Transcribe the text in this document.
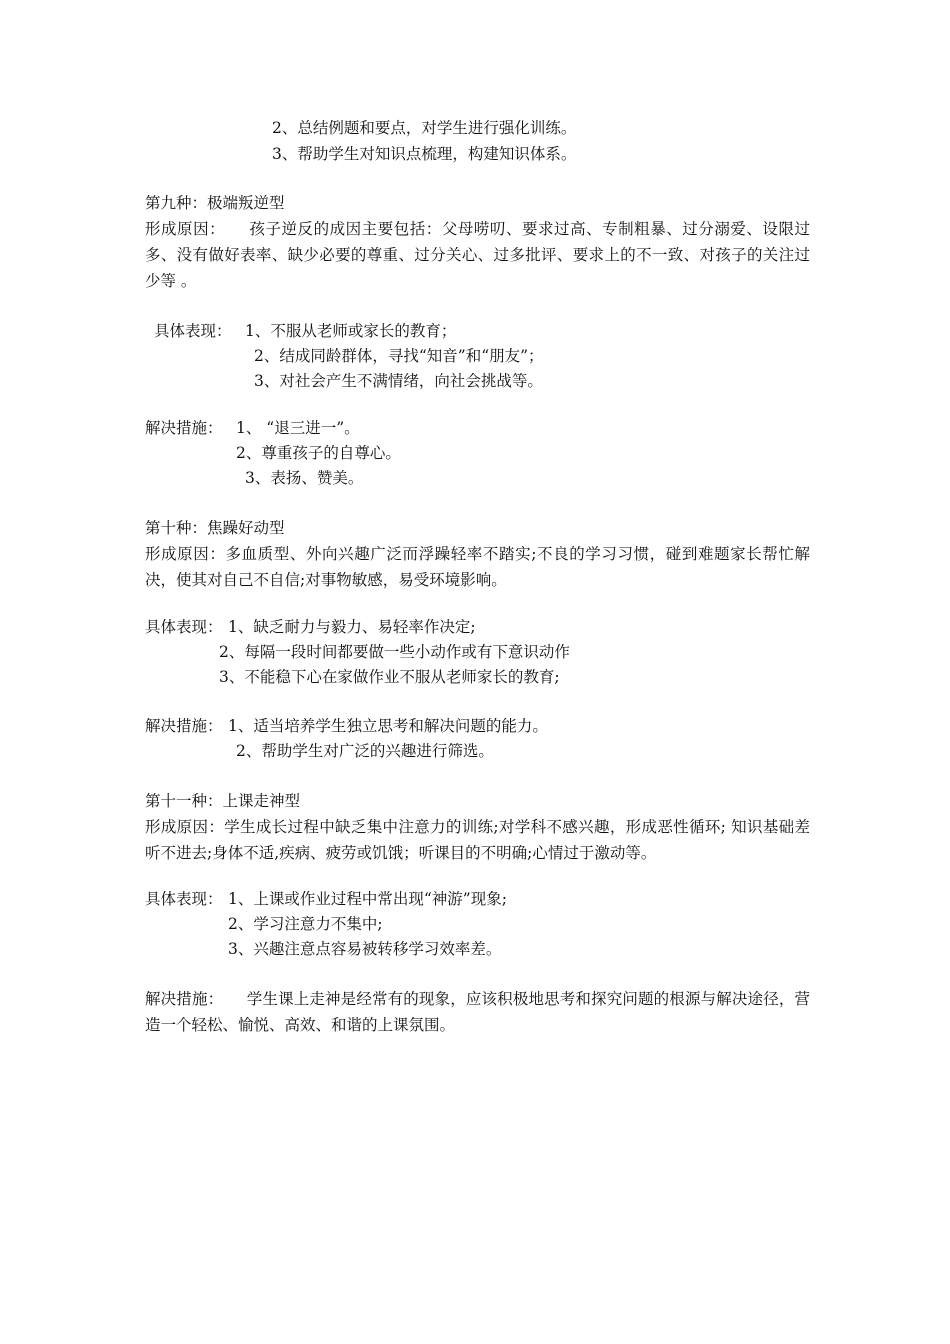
2、总结例题和要点，对学生进行强化训练。

3、帮助学生对知识点梳理，构建知识体系。

第九种：极端叛逆型

形成原因：　　孩子逆反的成因主要包括：父母唠叨、要求过高、专制粗暴、过分溺爱、设限过多、没有做好表率、缺少必要的尊重、过分关心、过多批评、要求上的不一致、对孩子的关注过少等 。

具体表现： 1、不服从老师或家长的教育；

2、结成同龄群体，寻找“知音”和“朋友”；

3、对社会产生不满情绪，向社会挑战等。

解决措施： 1、 “退三进一”。

2、尊重孩子的自尊心。

3、表扬、赞美。

第十种：焦躁好动型

形成原因：多血质型、外向兴趣广泛而浮躁轻率不踏实;不良的学习习惯，碰到难题家长帮忙解决，使其对自己不自信;对事物敏感，易受环境影响。

具体表现： 1、缺乏耐力与毅力、易轻率作决定;

2、每隔一段时间都要做一些小动作或有下意识动作

3、不能稳下心在家做作业不服从老师家长的教育;

解决措施： 1、适当培养学生独立思考和解决问题的能力。

2、帮助学生对广泛的兴趣进行筛选。

第十一种：上课走神型

形成原因：学生成长过程中缺乏集中注意力的训练;对学科不感兴趣，形成恶性循环; 知识基础差听不进去;身体不适,疾病、疲劳或饥饿；听课目的不明确;心情过于激动等。

具体表现： 1、上课或作业过程中常出现“神游”现象;

2、学习注意力不集中;

3、兴趣注意点容易被转移学习效率差。

解决措施：　　学生课上走神是经常有的现象，应该积极地思考和探究问题的根源与解决途径，营造一个轻松、愉悦、高效、和谐的上课氛围。
